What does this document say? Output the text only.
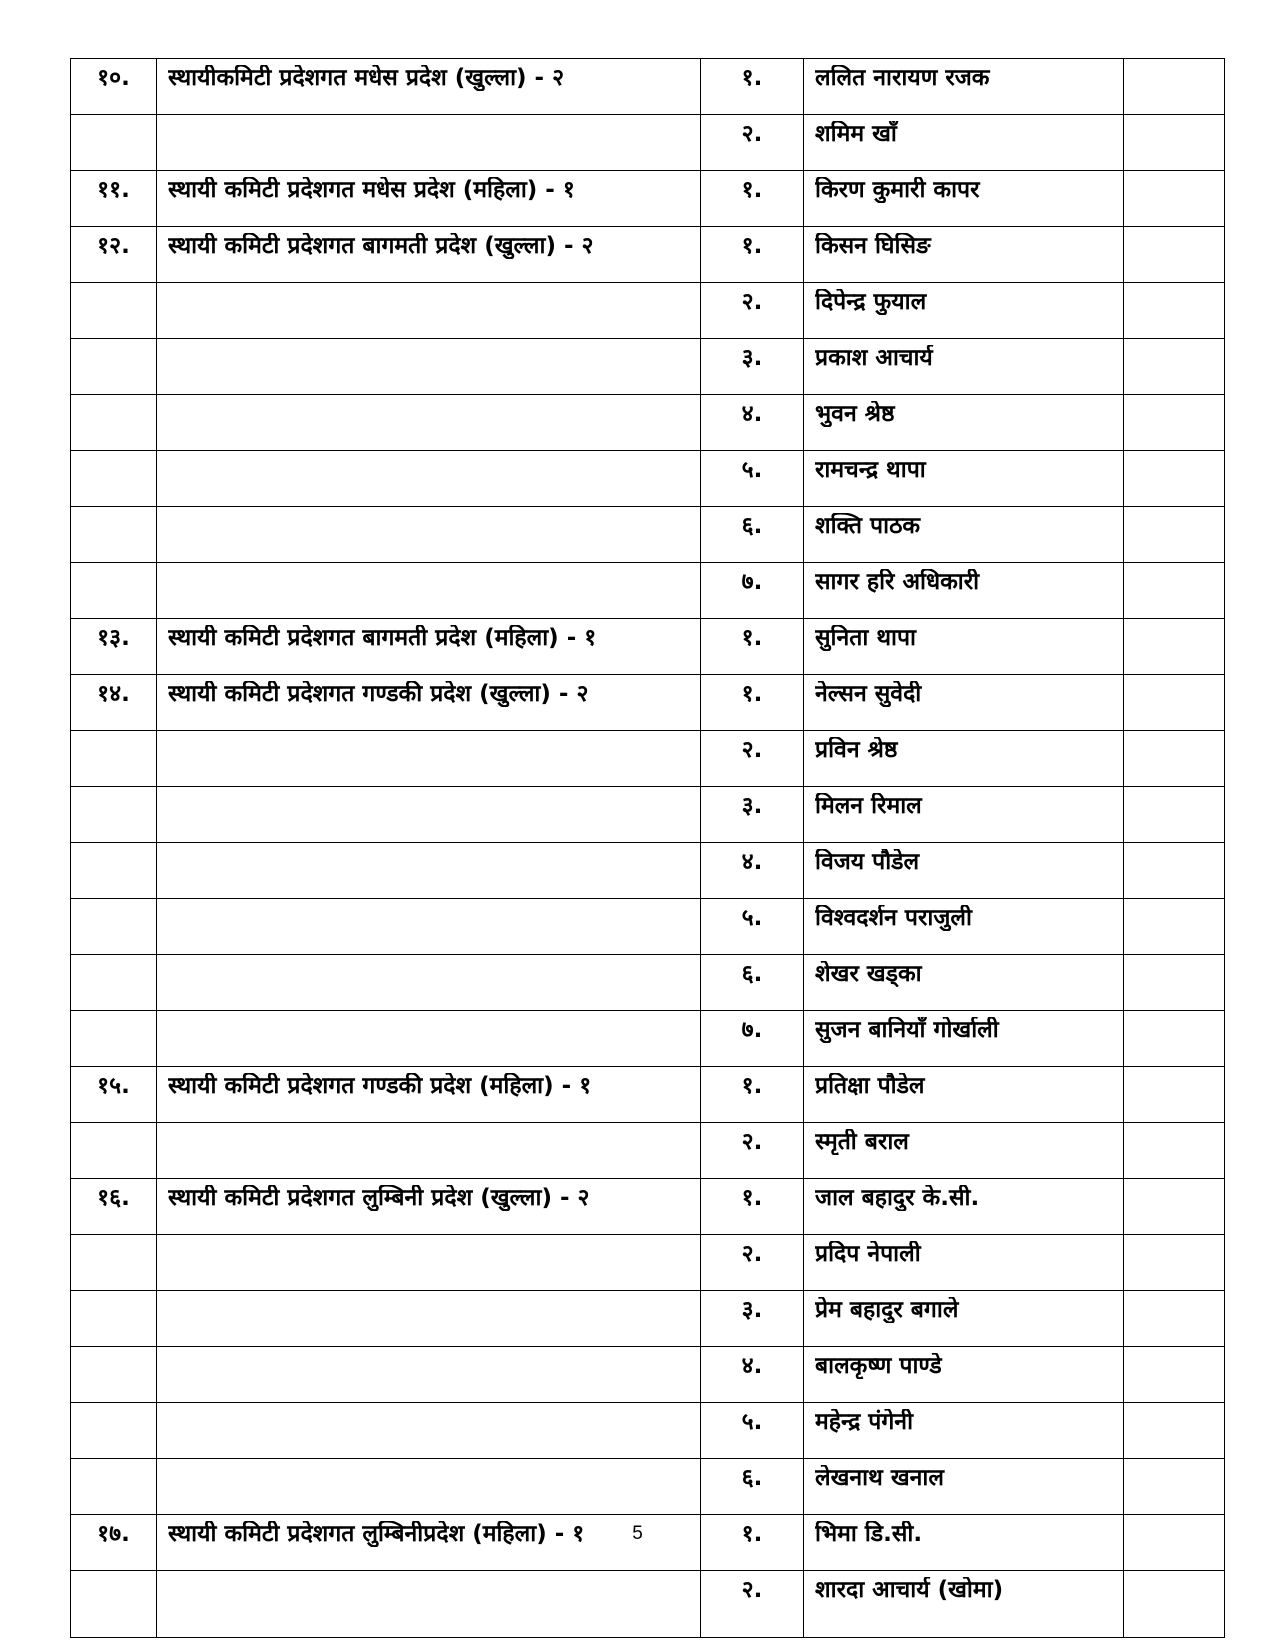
१०.	स्थायीकमिटी प्रदेशगत मधेस प्रदेश (खुल्ला) - २	१.	ललित नारायण रजक	

		२.	शमिम खाँ	

११.	स्थायी कमिटी प्रदेशगत मधेस प्रदेश (महिला) - १	१.	किरण कुमारी कापर	

१२.	स्थायी कमिटी प्रदेशगत बागमती प्रदेश (खुल्ला) - २	१.	किसन घिसिङ	

		२.	दिपेन्द्र फुयाल	

		३.	प्रकाश आचार्य	

		४.	भुवन श्रेष्ठ	

		५.	रामचन्द्र थापा	

		६.	शक्ति पाठक	

		७.	सागर हरि अधिकारी	

१३.	स्थायी कमिटी प्रदेशगत बागमती प्रदेश (महिला) - १	१.	सुनिता थापा	

१४.	स्थायी कमिटी प्रदेशगत गण्डकी प्रदेश (खुल्ला) - २	१.	नेल्सन सुवेदी	

		२.	प्रविन श्रेष्ठ	

		३.	मिलन रिमाल	

		४.	विजय पौडेल	

		५.	विश्वदर्शन पराजुली	

		६.	शेखर खड्का	

		७.	सुजन बानियाँ गोर्खाली	

१५.	स्थायी कमिटी प्रदेशगत गण्डकी प्रदेश (महिला) - १	१.	प्रतिक्षा पौडेल	

		२.	स्मृती बराल	

१६.	स्थायी कमिटी प्रदेशगत लुम्बिनी प्रदेश (खुल्ला) - २	१.	जाल बहादुर के.सी.	

		२.	प्रदिप नेपाली	

		३.	प्रेम बहादुर बगाले	

		४.	बालकृष्ण पाण्डे	

		५.	महेन्द्र पंगेनी	

		६.	लेखनाथ खनाल	

१७.	स्थायी कमिटी प्रदेशगत लुम्बिनीप्रदेश (महिला) - १	१.	भिमा डि.सी.	

		२.	शारदा आचार्य (खोमा)	

5
